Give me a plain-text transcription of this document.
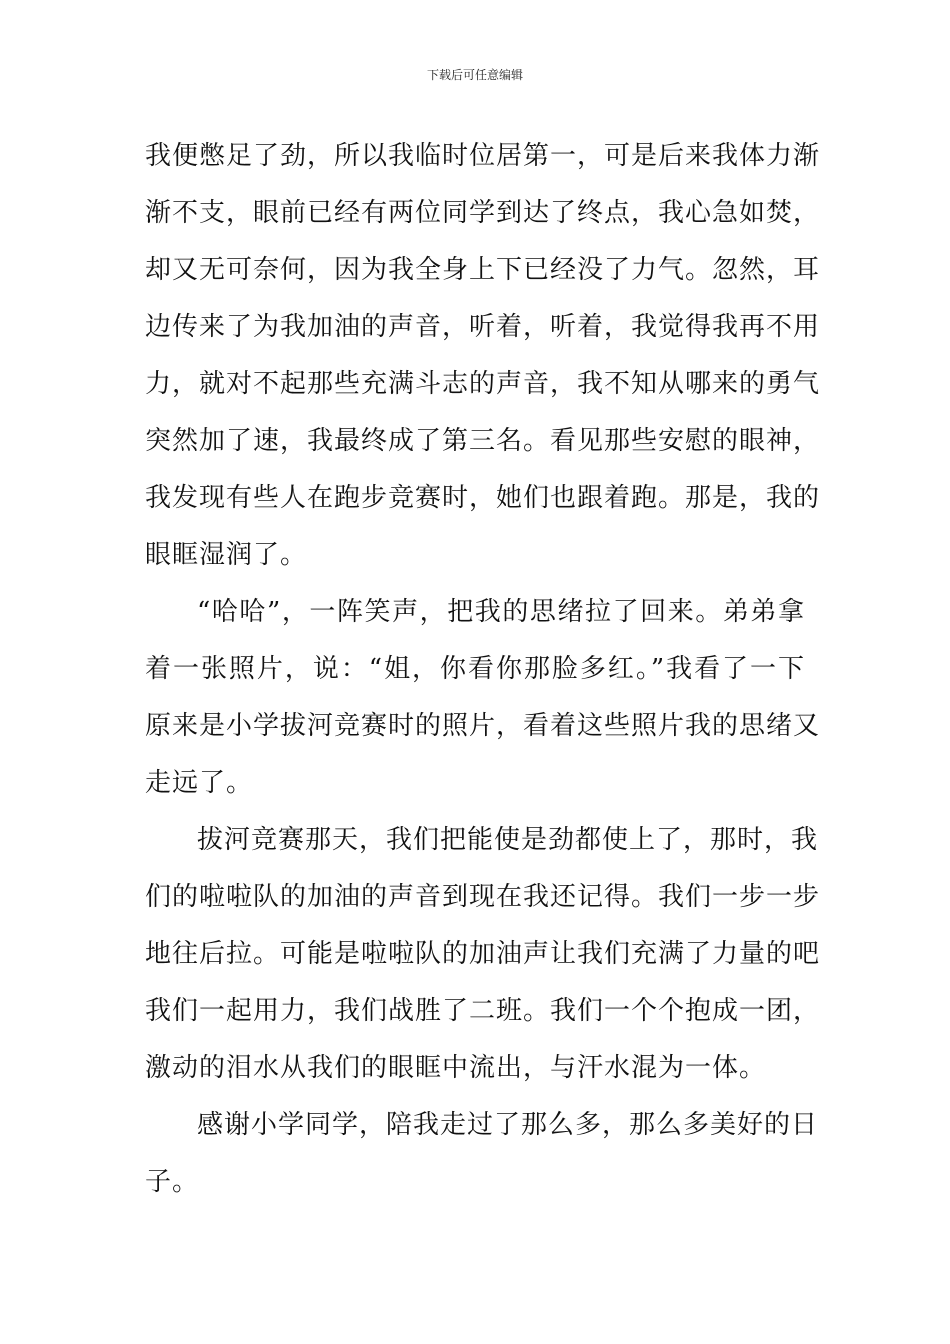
下载后可任意编辑
我便憋足了劲，所以我临时位居第一，可是后来我体力渐
渐不支，眼前已经有两位同学到达了终点，我心急如焚，
却又无可奈何，因为我全身上下已经没了力气。忽然，耳
边传来了为我加油的声音，听着，听着，我觉得我再不用
力，就对不起那些充满斗志的声音，我不知从哪来的勇气
突然加了速，我最终成了第三名。看见那些安慰的眼神，
我发现有些人在跑步竞赛时，她们也跟着跑。那是，我的
眼眶湿润了。
“哈哈”，一阵笑声，把我的思绪拉了回来。弟弟拿
着一张照片，说：“姐，你看你那脸多红。”我看了一下
原来是小学拔河竞赛时的照片，看着这些照片我的思绪又
走远了。
拔河竞赛那天，我们把能使是劲都使上了，那时，我
们的啦啦队的加油的声音到现在我还记得。我们一步一步
地往后拉。可能是啦啦队的加油声让我们充满了力量的吧
我们一起用力，我们战胜了二班。我们一个个抱成一团，
激动的泪水从我们的眼眶中流出，与汗水混为一体。
感谢小学同学，陪我走过了那么多，那么多美好的日
子。
